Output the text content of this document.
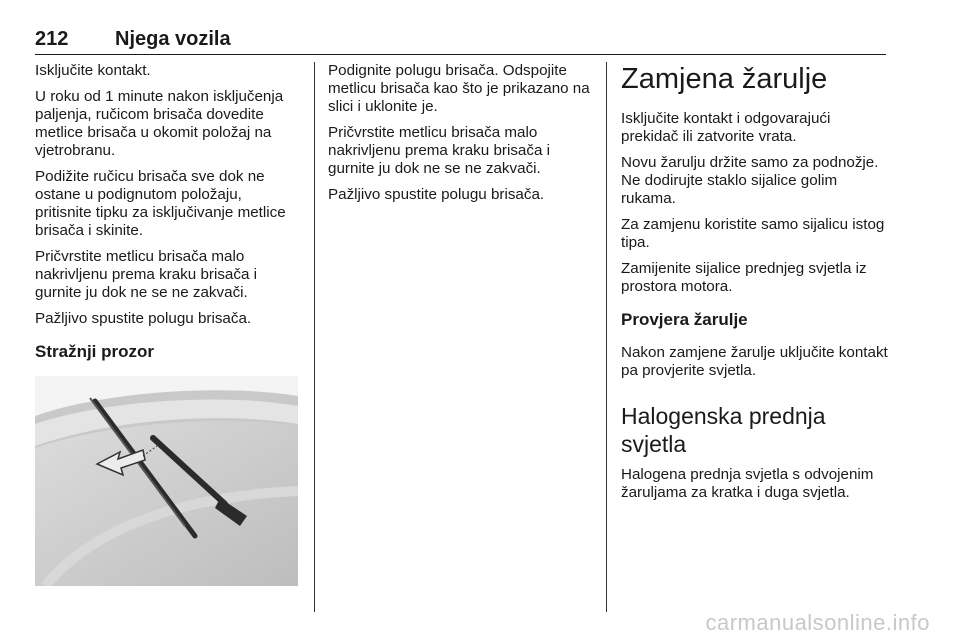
212 Njega vozila

Isključite kontakt.

U roku od 1 minute nakon isključenja paljenja, ručicom brisača dovedite metlice brisača u okomit položaj na vjetrobranu.

Podižite ručicu brisača sve dok ne ostane u podignutom položaju, pritisnite tipku za isključivanje metlice brisača i skinite.

Pričvrstite metlicu brisača malo nakrivljenu prema kraku brisača i gurnite ju dok ne se ne zakvači.

Pažljivo spustite polugu brisača.

Stražnji prozor

Podignite polugu brisača. Odspojite metlicu brisača kao što je prikazano na slici i uklonite je.

Pričvrstite metlicu brisača malo nakrivljenu prema kraku brisača i gurnite ju dok ne se ne zakvači.

Pažljivo spustite polugu brisača.

Zamjena žarulje

Isključite kontakt i odgovarajući prekidač ili zatvorite vrata.

Novu žarulju držite samo za podnožje. Ne dodirujte staklo sijalice golim rukama.

Za zamjenu koristite samo sijalicu istog tipa.

Zamijenite sijalice prednjeg svjetla iz prostora motora.

Provjera žarulje

Nakon zamjene žarulje uključite kontakt pa provjerite svjetla.

Halogenska prednja svjetla

Halogena prednja svjetla s odvojenim žaruljama za kratka i duga svjetla.

carmanualsonline.info
